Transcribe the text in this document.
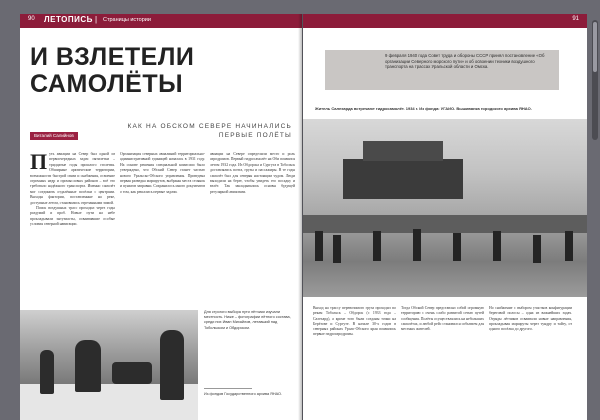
90 ЛЕТОПИСЬ | Страницы истории
И ВЗЛЕТЕЛИ САМОЛЁТЫ
КАК НА ОБСКОМ СЕВЕРЕ НАЧИНАЛИСЬ ПЕРВЫЕ ПОЛЁТЫ
Виталий Салийнов
П уть авиации на Север был одной из первоочередных задач пятилетки – тридцатые годы прошлого столетия. Обширные арктические территории, возможности быстрой связи и снабжения, освоение огромных недр и промысловых районов – всё это требовало надёжного транспорта. Именно самолёт мог соединить отдалённые посёлки с центрами. Выходы фактории, поставленные на реке, доступные летом, становились отрезанными зимой.

Поиск воздушных трасс проходил через годы раздумий и проб. Новые пути на небе прокладывали энтузиасты, осваивавшие особые условия северной навигации.
Организация северных авиалиний территориально-административной единицей началась в 1931 году. На основе решения специальной комиссии было утверждено, что Обский Север станет частью нового Уральско-Обского управления. Проведена первая разведка маршрутов, выбраны места стоянок и пунктов заправки. Сохранилось много документов о том, как решались первые задачи.
авиации на Севере определили место и роль аэродромов. Первый гидросамолёт на Оби появился летом 1932 года. Из Обдорска и Сургута в Тобольск доставлялись почта, грузы и пассажиры. В те годы самолёт был для северян настоящим чудом. Люди выходили на берег, чтобы увидеть его посадку и взлёт. Так закладывались основы будущей регулярной авиасвязи.
Для строгого выбора пути лётчики изучали местность. Ниже – фотографии лётного состава, среди них Иван Михайлов, летавший над Тобольском и Обдорском.
Из фондов Государственного архива ЯНАО.
91
9 февраля 1940 года Совет труда и обороны СССР принял постановление «Об организации Северного морского пути» и об освоении техники воздушного транспорта на трассах Уральской области и Омска.
Житель Салехарда встречают гидросамолёт. 1934 г. Из фонда: УГАИО. Вышиванка городского архива ЯНАО.
Выход на трассу перевозимого груза проходил по рекам Тобольск – Обдорск (с 1933 года – Салехард), а кроме того были созданы точки на Берёзове и Сургуте. В начале 30-х годов в северных районах Урало-Обского края появились первые гидроаэродромы.
Тогда Обский Север представлял собой огромную территорию с очень слабо развитой сетью путей сообщения. Полёты осуществлялись на небольших самолётах, и любой рейс становился событием для местных жителей.
Но снабжение с выбором участков конфигурации береговой полосы – одна из важнейших задач. Отряды лётчиков осваивали новые направления, прокладывая маршруты через тундру и тайгу, от одного посёлка до другого.
